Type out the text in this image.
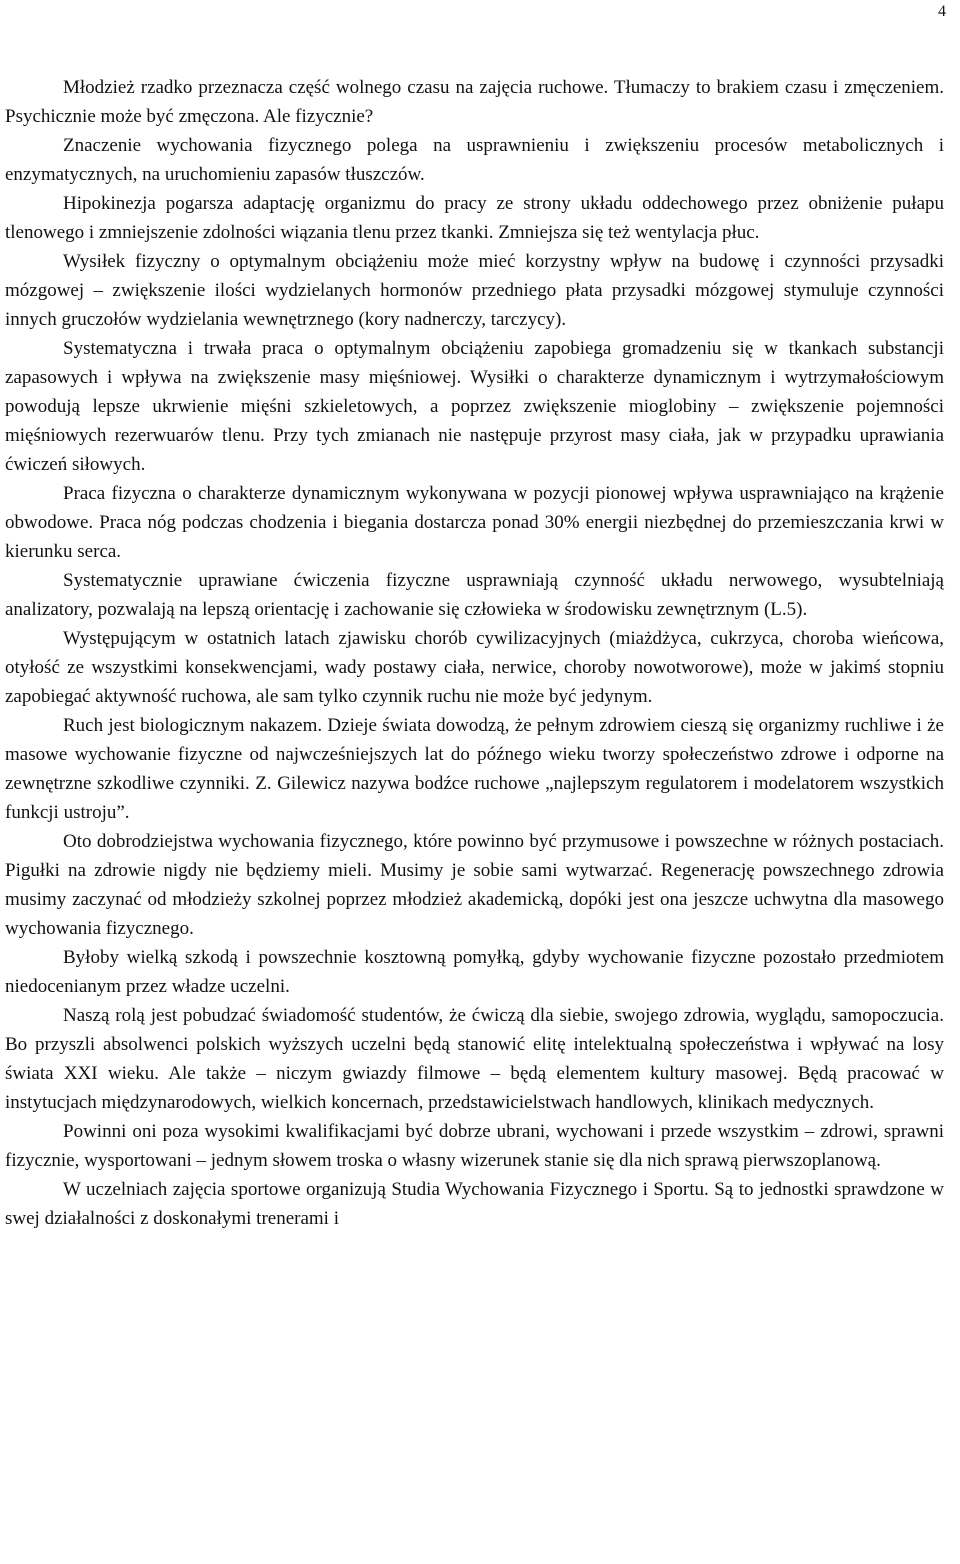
4

Młodzież rzadko przeznacza część wolnego czasu na zajęcia ruchowe. Tłumaczy to brakiem czasu i zmęczeniem. Psychicznie może być zmęczona. Ale fizycznie?

Znaczenie wychowania fizycznego polega na usprawnieniu i zwiększeniu procesów metabolicznych i enzymatycznych, na uruchomieniu zapasów tłuszczów.

Hipokinezja pogarsza adaptację organizmu do pracy ze strony układu oddechowego przez obniżenie pułapu tlenowego i zmniejszenie zdolności wiązania tlenu przez tkanki. Zmniejsza się też wentylacja płuc.

Wysiłek fizyczny o optymalnym obciążeniu może mieć korzystny wpływ na budowę i czynności przysadki mózgowej – zwiększenie ilości wydzielanych hormonów przedniego płata przysadki mózgowej stymuluje czynności innych gruczołów wydzielania wewnętrznego (kory nadnerczy, tarczycy).

Systematyczna i trwała praca o optymalnym obciążeniu zapobiega gromadzeniu się w tkankach substancji zapasowych i wpływa na zwiększenie masy mięśniowej. Wysiłki o charakterze dynamicznym i wytrzymałościowym powodują lepsze ukrwienie mięśni szkieletowych, a poprzez zwiększenie mioglobiny – zwiększenie pojemności mięśniowych rezerwuarów tlenu. Przy tych zmianach nie następuje przyrost masy ciała, jak w przypadku uprawiania ćwiczeń siłowych.

Praca fizyczna o charakterze dynamicznym wykonywana w pozycji pionowej wpływa usprawniająco na krążenie obwodowe. Praca nóg podczas chodzenia i biegania dostarcza ponad 30% energii niezbędnej do przemieszczania krwi w kierunku serca.

Systematycznie uprawiane ćwiczenia fizyczne usprawniają czynność układu nerwowego, wysubtelniają analizatory, pozwalają na lepszą orientację i zachowanie się człowieka w środowisku zewnętrznym (L.5).

Występującym w ostatnich latach zjawisku chorób cywilizacyjnych (miażdżyca, cukrzyca, choroba wieńcowa, otyłość ze wszystkimi konsekwencjami, wady postawy ciała, nerwice, choroby nowotworowe), może w jakimś stopniu zapobiegać aktywność ruchowa, ale sam tylko czynnik ruchu nie może być jedynym.

Ruch jest biologicznym nakazem. Dzieje świata dowodzą, że pełnym zdrowiem cieszą się organizmy ruchliwe i że masowe wychowanie fizyczne od najwcześniejszych lat do późnego wieku tworzy społeczeństwo zdrowe i odporne na zewnętrzne szkodliwe czynniki. Z. Gilewicz nazywa bodźce ruchowe „najlepszym regulatorem i modelatorem wszystkich funkcji ustroju”.

Oto dobrodziejstwa wychowania fizycznego, które powinno być przymusowe i powszechne w różnych postaciach. Pigułki na zdrowie nigdy nie będziemy mieli. Musimy je sobie sami wytwarzać. Regenerację powszechnego zdrowia musimy zaczynać od młodzieży szkolnej poprzez młodzież akademicką, dopóki jest ona jeszcze uchwytna dla masowego wychowania fizycznego.

Byłoby wielką szkodą i powszechnie kosztowną pomyłką, gdyby wychowanie fizyczne pozostało przedmiotem niedocenianym przez władze uczelni.

Naszą rolą jest pobudzać świadomość studentów, że ćwiczą dla siebie, swojego zdrowia, wyglądu, samopoczucia. Bo przyszli absolwenci polskich wyższych uczelni będą stanowić elitę intelektualną społeczeństwa i wpływać na losy świata XXI wieku. Ale także – niczym gwiazdy filmowe – będą elementem kultury masowej. Będą pracować w instytucjach międzynarodowych, wielkich koncernach, przedstawicielstwach handlowych, klinikach medycznych.

Powinni oni poza wysokimi kwalifikacjami być dobrze ubrani, wychowani i przede wszystkim – zdrowi, sprawni fizycznie, wysportowani – jednym słowem troska o własny wizerunek stanie się dla nich sprawą pierwszoplanową.

W uczelniach zajęcia sportowe organizują Studia Wychowania Fizycznego i Sportu. Są to jednostki sprawdzone w swej działalności z doskonałymi trenerami i
